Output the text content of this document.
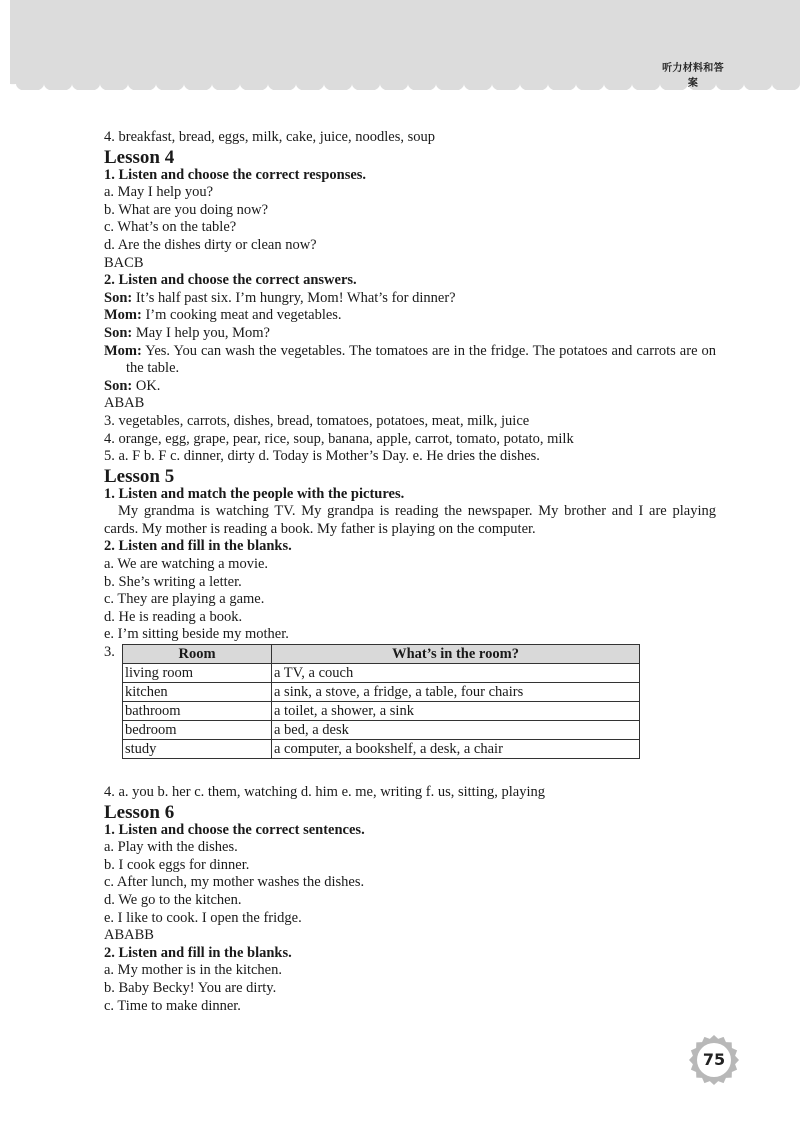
听力材料和答案
4. breakfast, bread, eggs, milk, cake, juice, noodles, soup
Lesson 4
1. Listen and choose the correct responses.
a. May I help you?
b. What are you doing now?
c. What’s on the table?
d. Are the dishes dirty or clean now?
BACB
2. Listen and choose the correct answers.
Son: It’s half past six. I’m hungry, Mom! What’s for dinner?
Mom: I’m cooking meat and vegetables.
Son: May I help you, Mom?
Mom: Yes. You can wash the vegetables. The tomatoes are in the fridge. The potatoes and carrots are on the table.
Son: OK.
ABAB
3. vegetables, carrots, dishes, bread, tomatoes, potatoes, meat, milk, juice
4. orange, egg, grape, pear, rice, soup, banana, apple, carrot, tomato, potato, milk
5. a. F b. F c. dinner, dirty d. Today is Mother’s Day. e. He dries the dishes.
Lesson 5
1. Listen and match the people with the pictures.
My grandma is watching TV. My grandpa is reading the newspaper. My brother and I are playing cards. My mother is reading a book. My father is playing on the computer.
2. Listen and fill in the blanks.
a. We are watching a movie.
b. She’s writing a letter.
c. They are playing a game.
d. He is reading a book.
e. I’m sitting beside my mother.
3.	Room	What’s in the room?
living room	a TV, a couch
kitchen	a sink, a stove, a fridge, a table, four chairs
bathroom	a toilet, a shower, a sink
bedroom	a bed, a desk
study	a computer, a bookshelf, a desk, a chair
4. a. you b. her c. them, watching d. him e. me, writing f. us, sitting, playing
Lesson 6
1. Listen and choose the correct sentences.
a. Play with the dishes.
b. I cook eggs for dinner.
c. After lunch, my mother washes the dishes.
d. We go to the kitchen.
e. I like to cook. I open the fridge.
ABABB
2. Listen and fill in the blanks.
a. My mother is in the kitchen.
b. Baby Becky! You are dirty.
c. Time to make dinner.
75
